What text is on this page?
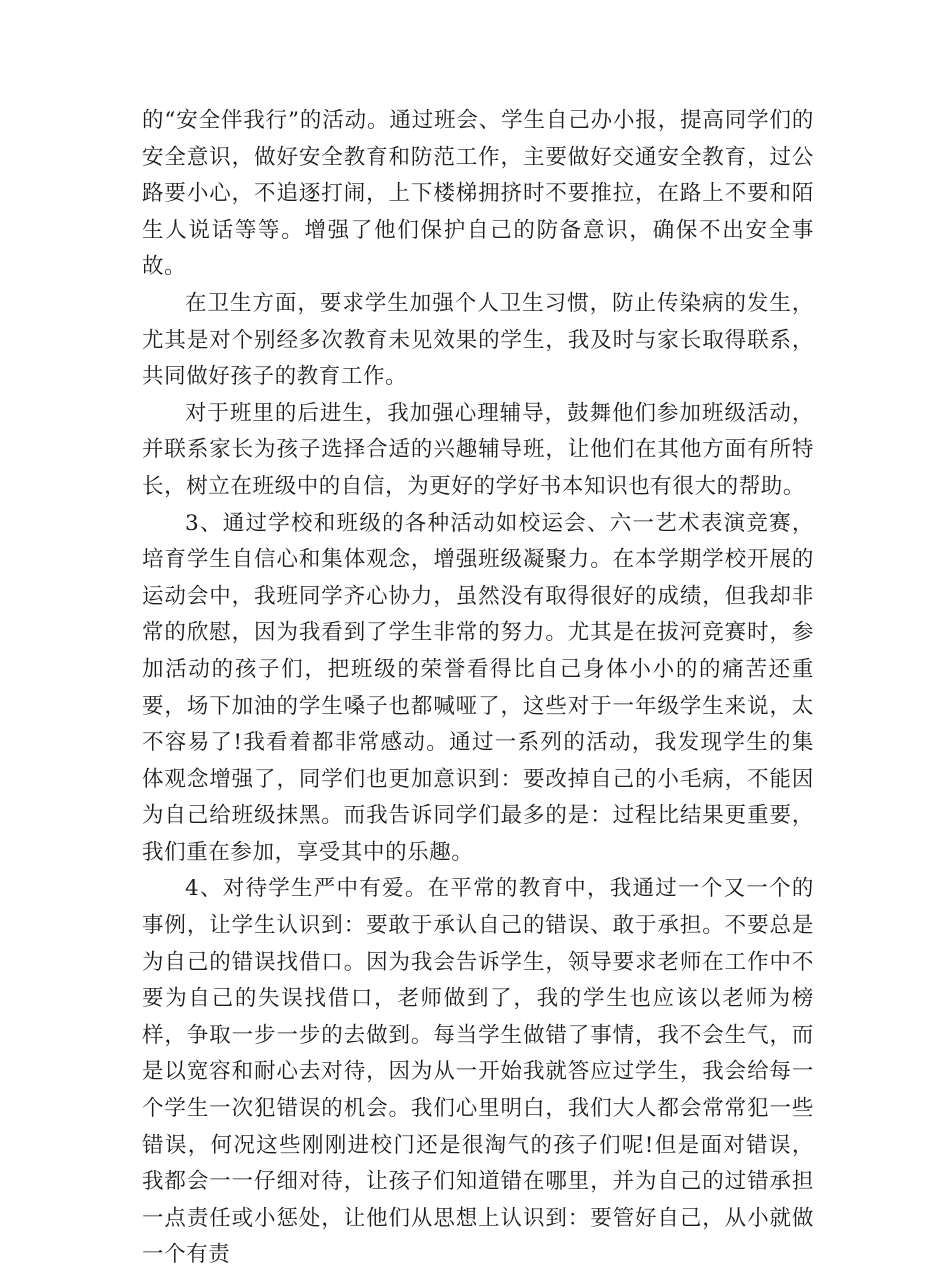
的“安全伴我行”的活动。通过班会、学生自己办小报，提高同学们的安全意识，做好安全教育和防范工作，主要做好交通安全教育，过公路要小心，不追逐打闹，上下楼梯拥挤时不要推拉，在路上不要和陌生人说话等等。增强了他们保护自己的防备意识，确保不出安全事故。

在卫生方面，要求学生加强个人卫生习惯，防止传染病的发生，尤其是对个别经多次教育未见效果的学生，我及时与家长取得联系，共同做好孩子的教育工作。

对于班里的后进生，我加强心理辅导，鼓舞他们参加班级活动，并联系家长为孩子选择合适的兴趣辅导班，让他们在其他方面有所特长，树立在班级中的自信，为更好的学好书本知识也有很大的帮助。

3、通过学校和班级的各种活动如校运会、六一艺术表演竞赛，培育学生自信心和集体观念，增强班级凝聚力。在本学期学校开展的运动会中，我班同学齐心协力，虽然没有取得很好的成绩，但我却非常的欣慰，因为我看到了学生非常的努力。尤其是在拔河竞赛时，参加活动的孩子们，把班级的荣誉看得比自己身体小小的的痛苦还重要，场下加油的学生嗓子也都喊哑了，这些对于一年级学生来说，太不容易了!我看着都非常感动。通过一系列的活动，我发现学生的集体观念增强了，同学们也更加意识到：要改掉自己的小毛病，不能因为自己给班级抹黑。而我告诉同学们最多的是：过程比结果更重要，我们重在参加，享受其中的乐趣。

4、对待学生严中有爱。在平常的教育中，我通过一个又一个的事例，让学生认识到：要敢于承认自己的错误、敢于承担。不要总是为自己的错误找借口。因为我会告诉学生，领导要求老师在工作中不要为自己的失误找借口，老师做到了，我的学生也应该以老师为榜样，争取一步一步的去做到。每当学生做错了事情，我不会生气，而是以宽容和耐心去对待，因为从一开始我就答应过学生，我会给每一个学生一次犯错误的机会。我们心里明白，我们大人都会常常犯一些错误，何况这些刚刚进校门还是很淘气的孩子们呢!但是面对错误，我都会一一仔细对待，让孩子们知道错在哪里，并为自己的过错承担一点责任或小惩处，让他们从思想上认识到：要管好自己，从小就做一个有责
